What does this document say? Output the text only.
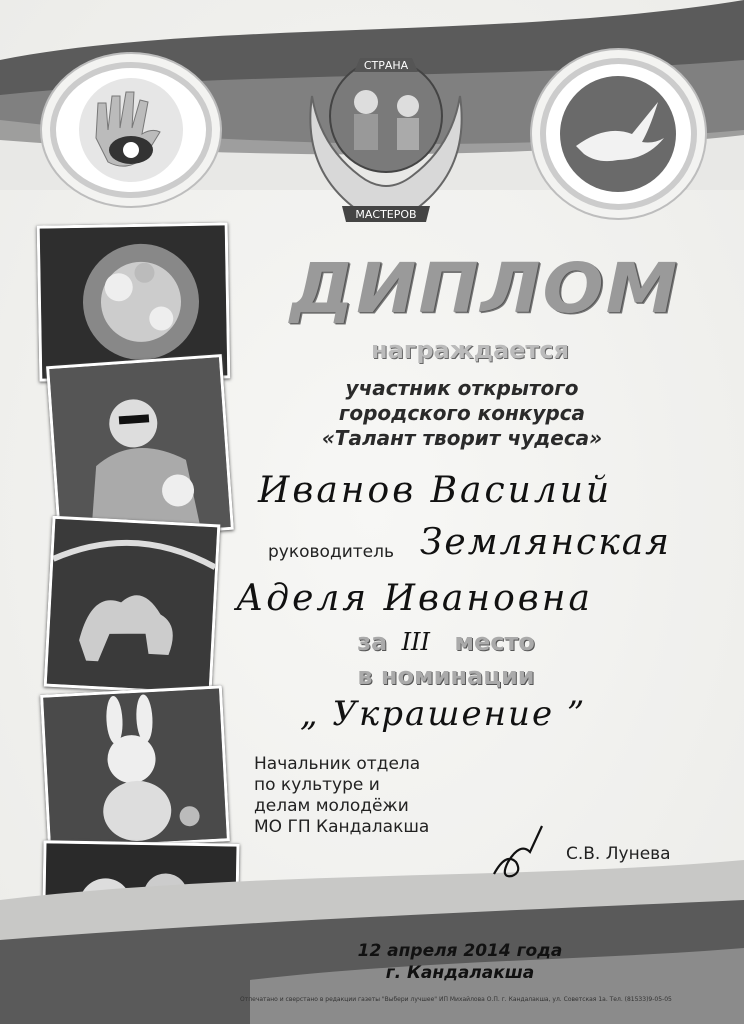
СТРАНА
МАСТЕРОВ
ДИПЛОМ
награждается
участник открытого
городского конкурса
«Талант творит чудеса»
Иванов Василий
руководитель Землянская
Аделя Ивановна
за III место
в номинации
„ Украшение ”
Начальник отдела
по культуре и
делам молодёжи
МО ГП Кандалакша
С.В. Лунева
12 апреля 2014 года
г. Кандалакша
Отпечатано и сверстано в редакции газеты "Выбери лучшее" ИП Михайлова О.П. г. Кандалакша, ул. Советская 1а. Тел. (81533)9-05-05
